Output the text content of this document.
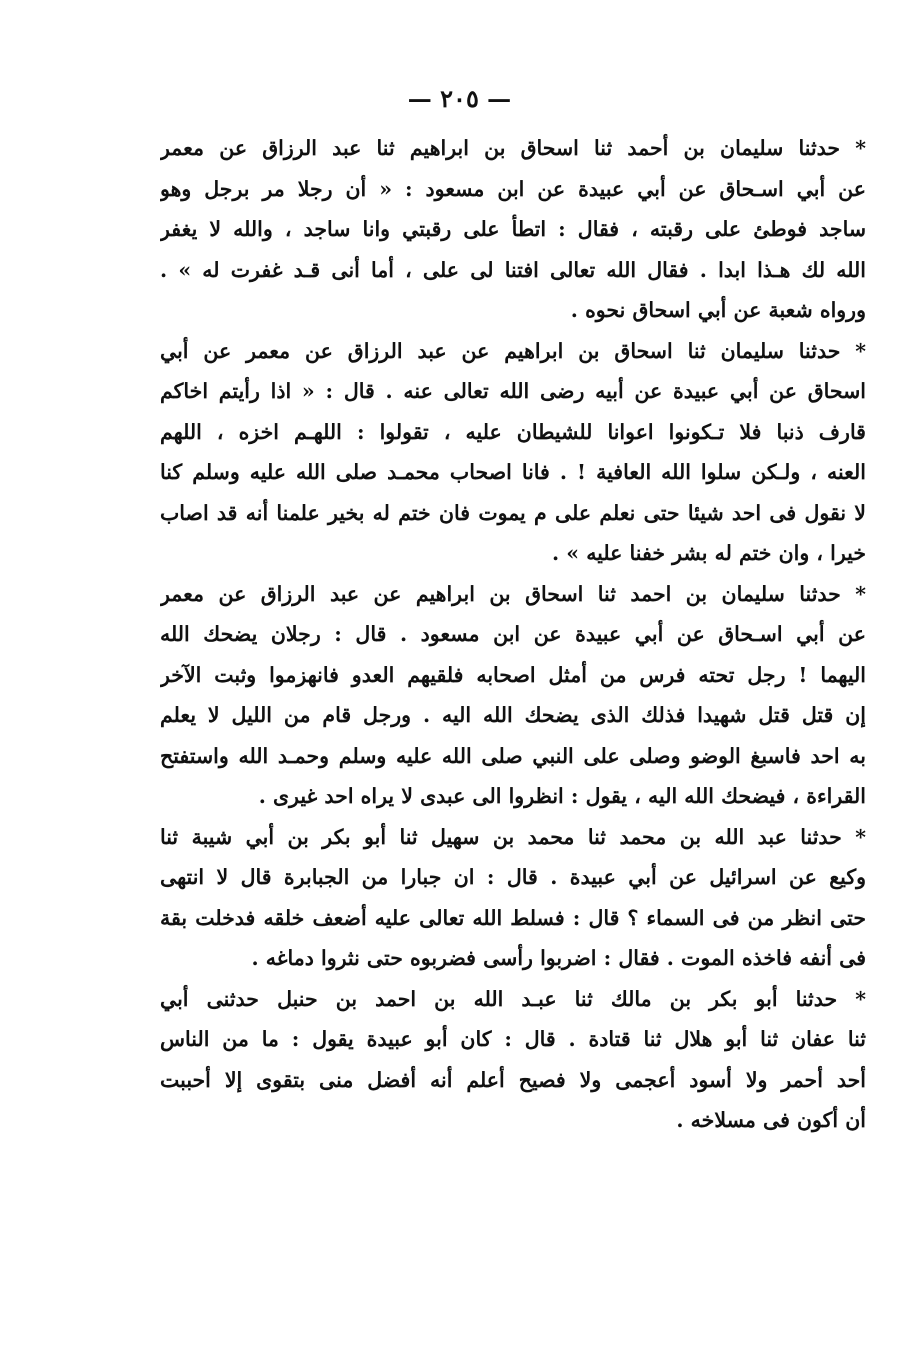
— ٢٠٥ —
* حدثنا سليمان بن أحمد ثنا اسحاق بن ابراهيم ثنا عبد الرزاق عن معمر
عن أبي اسـحاق عن أبي عبيدة عن ابن مسعود : « أن رجلا مر برجل وهو
ساجد فوطئ على رقبته ، فقال : اتطأ على رقبتي وانا ساجد ، والله لا يغفر
الله لك هـذا ابدا . فقال الله تعالى افتنا لى على ، أما أنى قـد غفرت له » .
ورواه شعبة عن أبي اسحاق نحوه .
* حدثنا سليمان ثنا اسحاق بن ابراهيم عن عبد الرزاق عن معمر عن أبي
اسحاق عن أبي عبيدة عن أبيه رضى الله تعالى عنه . قال : « اذا رأيتم اخاكم
قارف ذنبا فلا تـكونوا اعوانا للشيطان عليه ، تقولوا : اللهـم اخزه ، اللهم
العنه ، ولـكن سلوا الله العافية ! . فانا اصحاب محمـد صلى الله عليه وسلم كنا
لا نقول فى احد شيئا حتى نعلم على م يموت فان ختم له بخير علمنا أنه قد اصاب
خيرا ، وان ختم له بشر خفنا عليه » .
* حدثنا سليمان بن احمد ثنا اسحاق بن ابراهيم عن عبد الرزاق عن معمر
عن أبي اسـحاق عن أبي عبيدة عن ابن مسعود . قال : رجلان يضحك الله
اليهما ! رجل تحته فرس من أمثل اصحابه فلقيهم العدو فانهزموا وثبت الآخر
إن قتل قتل شهيدا فذلك الذى يضحك الله اليه . ورجل قام من الليل لا يعلم
به احد فاسبغ الوضو وصلى على النبي صلى الله عليه وسلم وحمـد الله واستفتح
القراءة ، فيضحك الله اليه ، يقول : انظروا الى عبدى لا يراه احد غيرى .
* حدثنا عبد الله بن محمد ثنا محمد بن سهيل ثنا أبو بكر بن أبي شيبة ثنا
وكيع عن اسرائيل عن أبي عبيدة . قال : ان جبارا من الجبابرة قال لا انتهى
حتى انظر من فى السماء ؟ قال : فسلط الله تعالى عليه أضعف خلقه فدخلت بقة
فى أنفه فاخذه الموت . فقال : اضربوا رأسى فضربوه حتى نثروا دماغه .
* حدثنا أبو بكر بن مالك ثنا عبـد الله بن احمد بن حنبل حدثنى أبي
ثنا عفان ثنا أبو هلال ثنا قتادة . قال : كان أبو عبيدة يقول : ما من الناس
أحد أحمر ولا أسود أعجمى ولا فصيح أعلم أنه أفضل منى بتقوى إلا أحببت
أن أكون فى مسلاخه .
